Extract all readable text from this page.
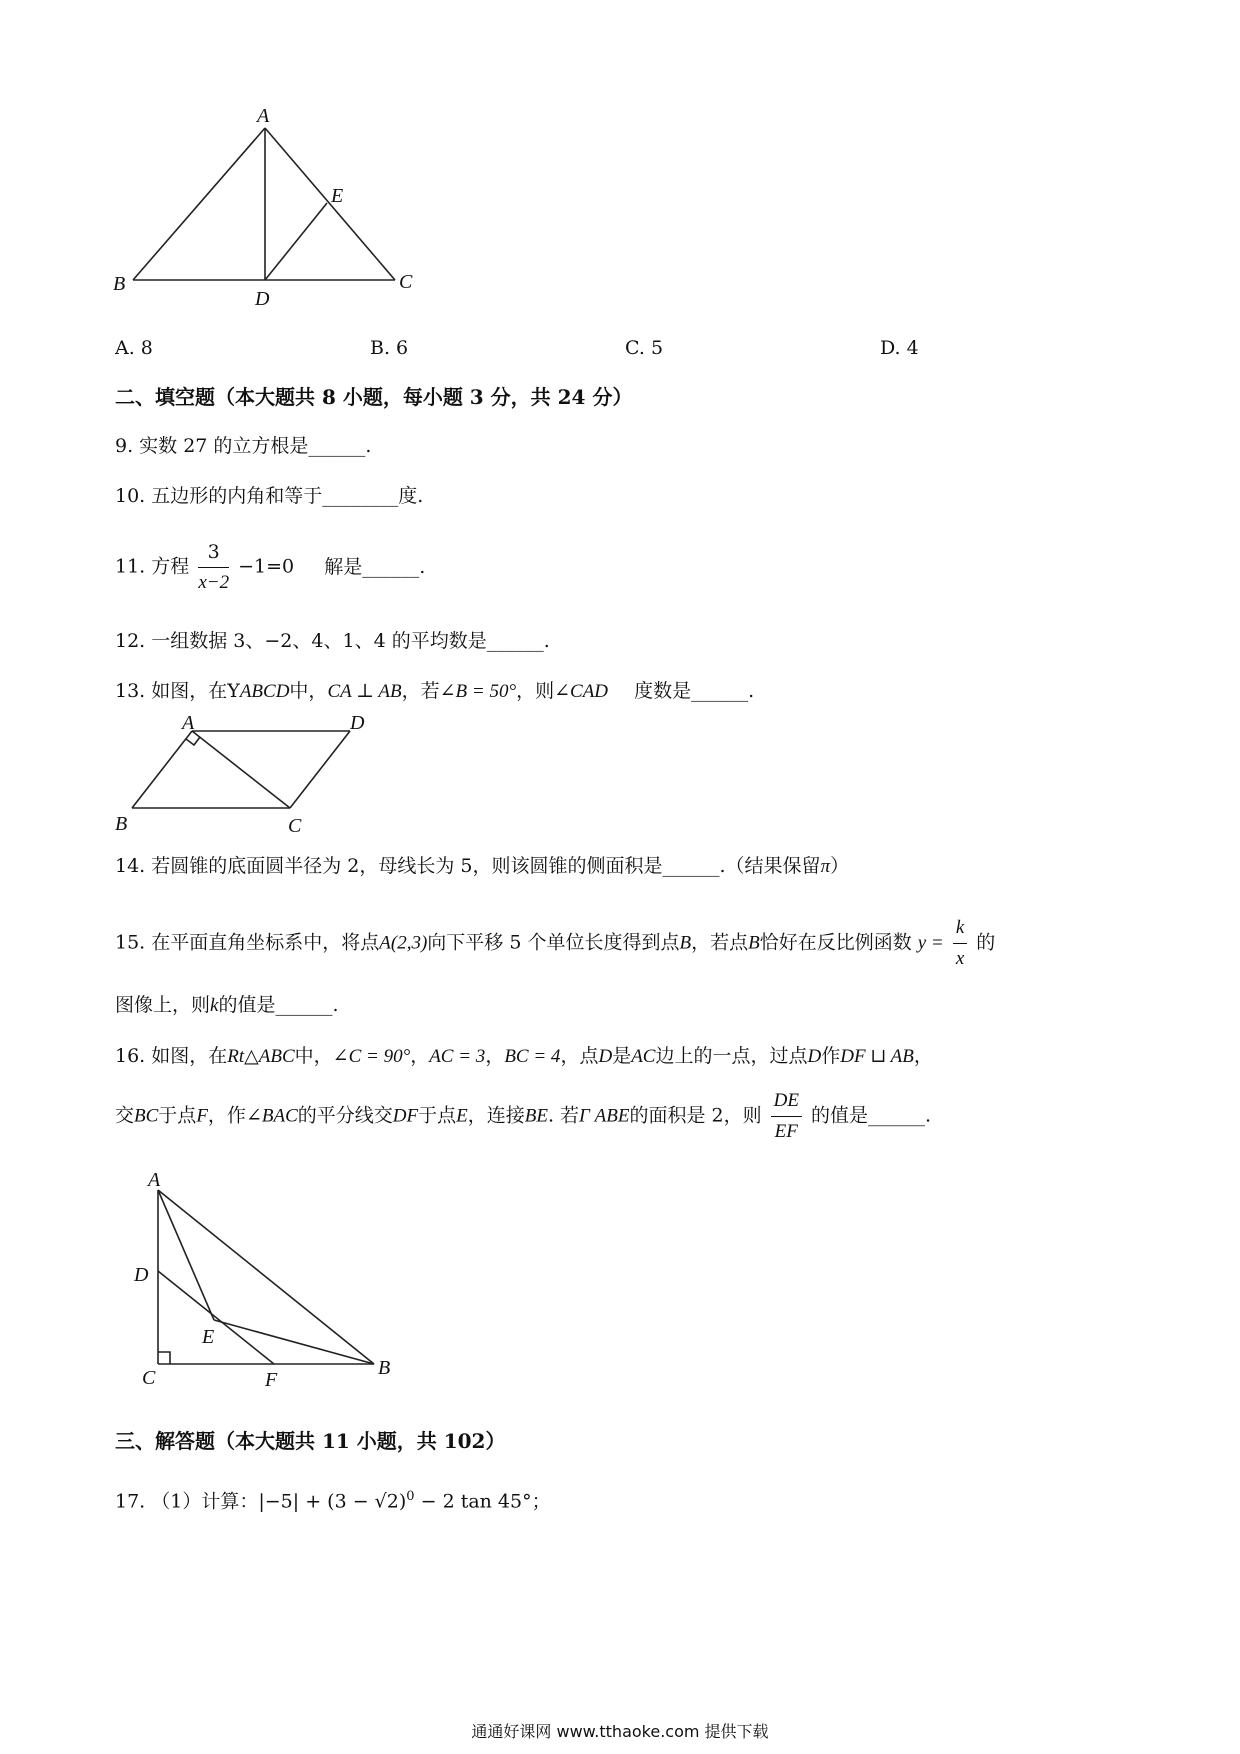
A
E
B
D
C
A. 8	B. 6	C. 5	D. 4
二、填空题（本大题共 8 小题，每小题 3 分，共 24 分）
9. 实数 27 的立方根是______.
10. 五边形的内角和等于________度.
11. 方程 $\frac{3}{x-2} -1=0$ 解是______.
12. 一组数据 3、−2、4、1、4 的平均数是______.
13. 如图，在YABCD中，CA ⊥ AB，若∠B = 50°，则∠CAD 度数是______.
A	D
B	C
14. 若圆锥的底面圆半径为 2，母线长为 5，则该圆锥的侧面积是______.（结果保留π）
15. 在平面直角坐标系中，将点A(2,3)向下平移 5 个单位长度得到点B，若点B恰好在反比例函数 $y = \frac{k}{x}$ 的
图像上，则k的值是______.
16. 如图，在Rt△ABC中，∠C = 90°，AC = 3，BC = 4，点D是AC边上的一点，过点D作DF ⊔ AB，
交BC于点F，作∠BAC的平分线交DF于点E，连接BE. 若Γ ABE的面积是 2，则 $\frac{DE}{EF}$ 的值是______.
A
D
E
C	F
B
三、解答题（本大题共 11 小题，共 102）
17. （1）计算：$|-5| + (3 - √2)^0 - 2$ tan 45°；
通通好课网 www.tthaoke.com 提供下载
